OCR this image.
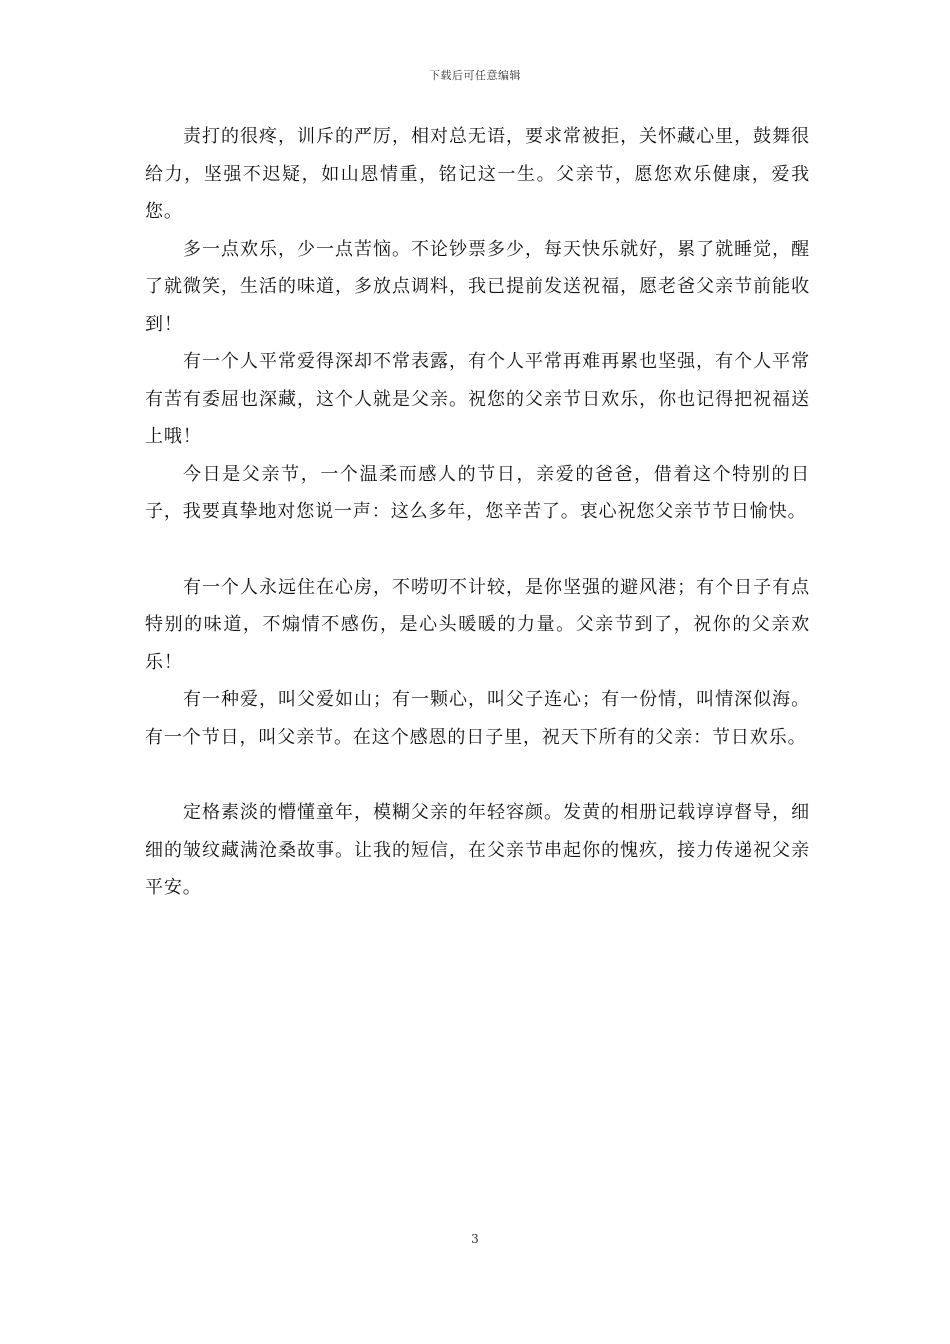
下载后可任意编辑

责打的很疼，训斥的严厉，相对总无语，要求常被拒，关怀藏心里，鼓舞很给力，坚强不迟疑，如山恩情重，铭记这一生。父亲节，愿您欢乐健康，爱我您。

多一点欢乐，少一点苦恼。不论钞票多少，每天快乐就好，累了就睡觉，醒了就微笑，生活的味道，多放点调料，我已提前发送祝福，愿老爸父亲节前能收到！

有一个人平常爱得深却不常表露，有个人平常再难再累也坚强，有个人平常有苦有委屈也深藏，这个人就是父亲。祝您的父亲节日欢乐，你也记得把祝福送上哦！

今日是父亲节，一个温柔而感人的节日，亲爱的爸爸，借着这个特别的日子，我要真挚地对您说一声：这么多年，您辛苦了。衷心祝您父亲节节日愉快。

有一个人永远住在心房，不唠叨不计较，是你坚强的避风港；有个日子有点特别的味道，不煽情不感伤，是心头暖暖的力量。父亲节到了，祝你的父亲欢乐！

有一种爱，叫父爱如山；有一颗心，叫父子连心；有一份情，叫情深似海。有一个节日，叫父亲节。在这个感恩的日子里，祝天下所有的父亲：节日欢乐。

定格素淡的懵懂童年，模糊父亲的年轻容颜。发黄的相册记载谆谆督导，细细的皱纹藏满沧桑故事。让我的短信，在父亲节串起你的愧疚，接力传递祝父亲平安。

3
